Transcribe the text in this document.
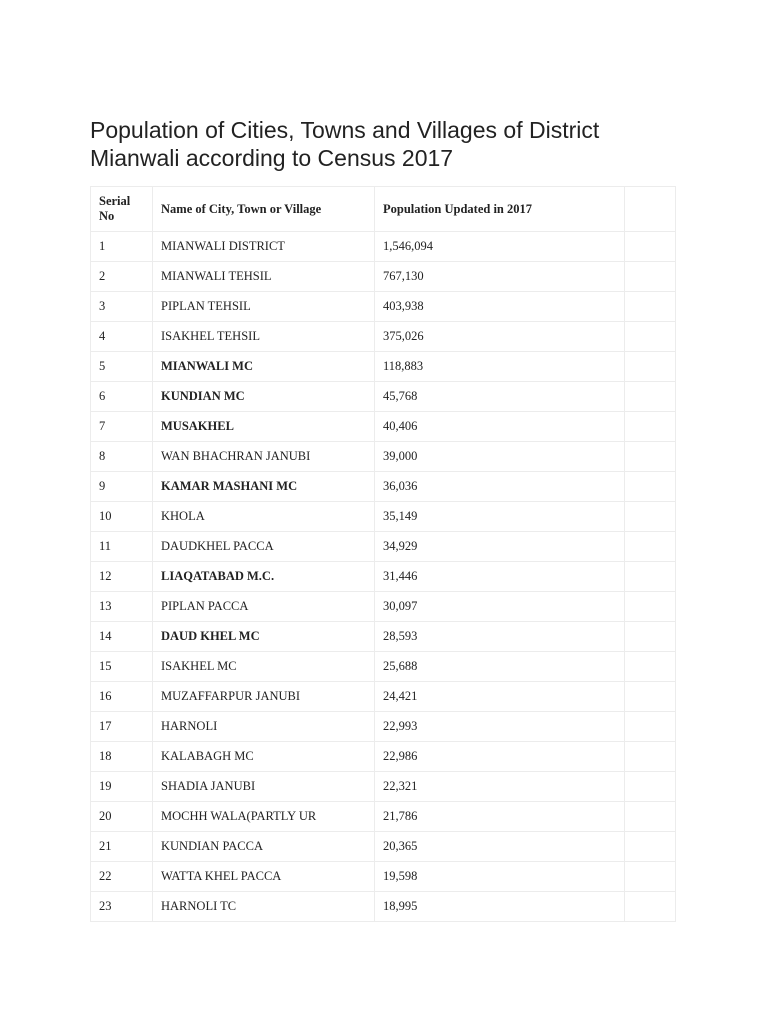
Population of Cities, Towns and Villages of District Mianwali according to Census 2017
Serial No	Name of City, Town or Village	Population Updated in 2017	
1	MIANWALI DISTRICT	1,546,094	
2	MIANWALI TEHSIL	767,130	
3	PIPLAN TEHSIL	403,938	
4	ISAKHEL TEHSIL	375,026	
5	MIANWALI MC	118,883	
6	KUNDIAN MC	45,768	
7	MUSAKHEL	40,406	
8	WAN BHACHRAN JANUBI	39,000	
9	KAMAR MASHANI MC	36,036	
10	KHOLA	35,149	
11	DAUDKHEL PACCA	34,929	
12	LIAQATABAD M.C.	31,446	
13	PIPLAN PACCA	30,097	
14	DAUD KHEL MC	28,593	
15	ISAKHEL MC	25,688	
16	MUZAFFARPUR JANUBI	24,421	
17	HARNOLI	22,993	
18	KALABAGH MC	22,986	
19	SHADIA JANUBI	22,321	
20	MOCHH WALA(PARTLY UR	21,786	
21	KUNDIAN PACCA	20,365	
22	WATTA KHEL PACCA	19,598	
23	HARNOLI TC	18,995	
